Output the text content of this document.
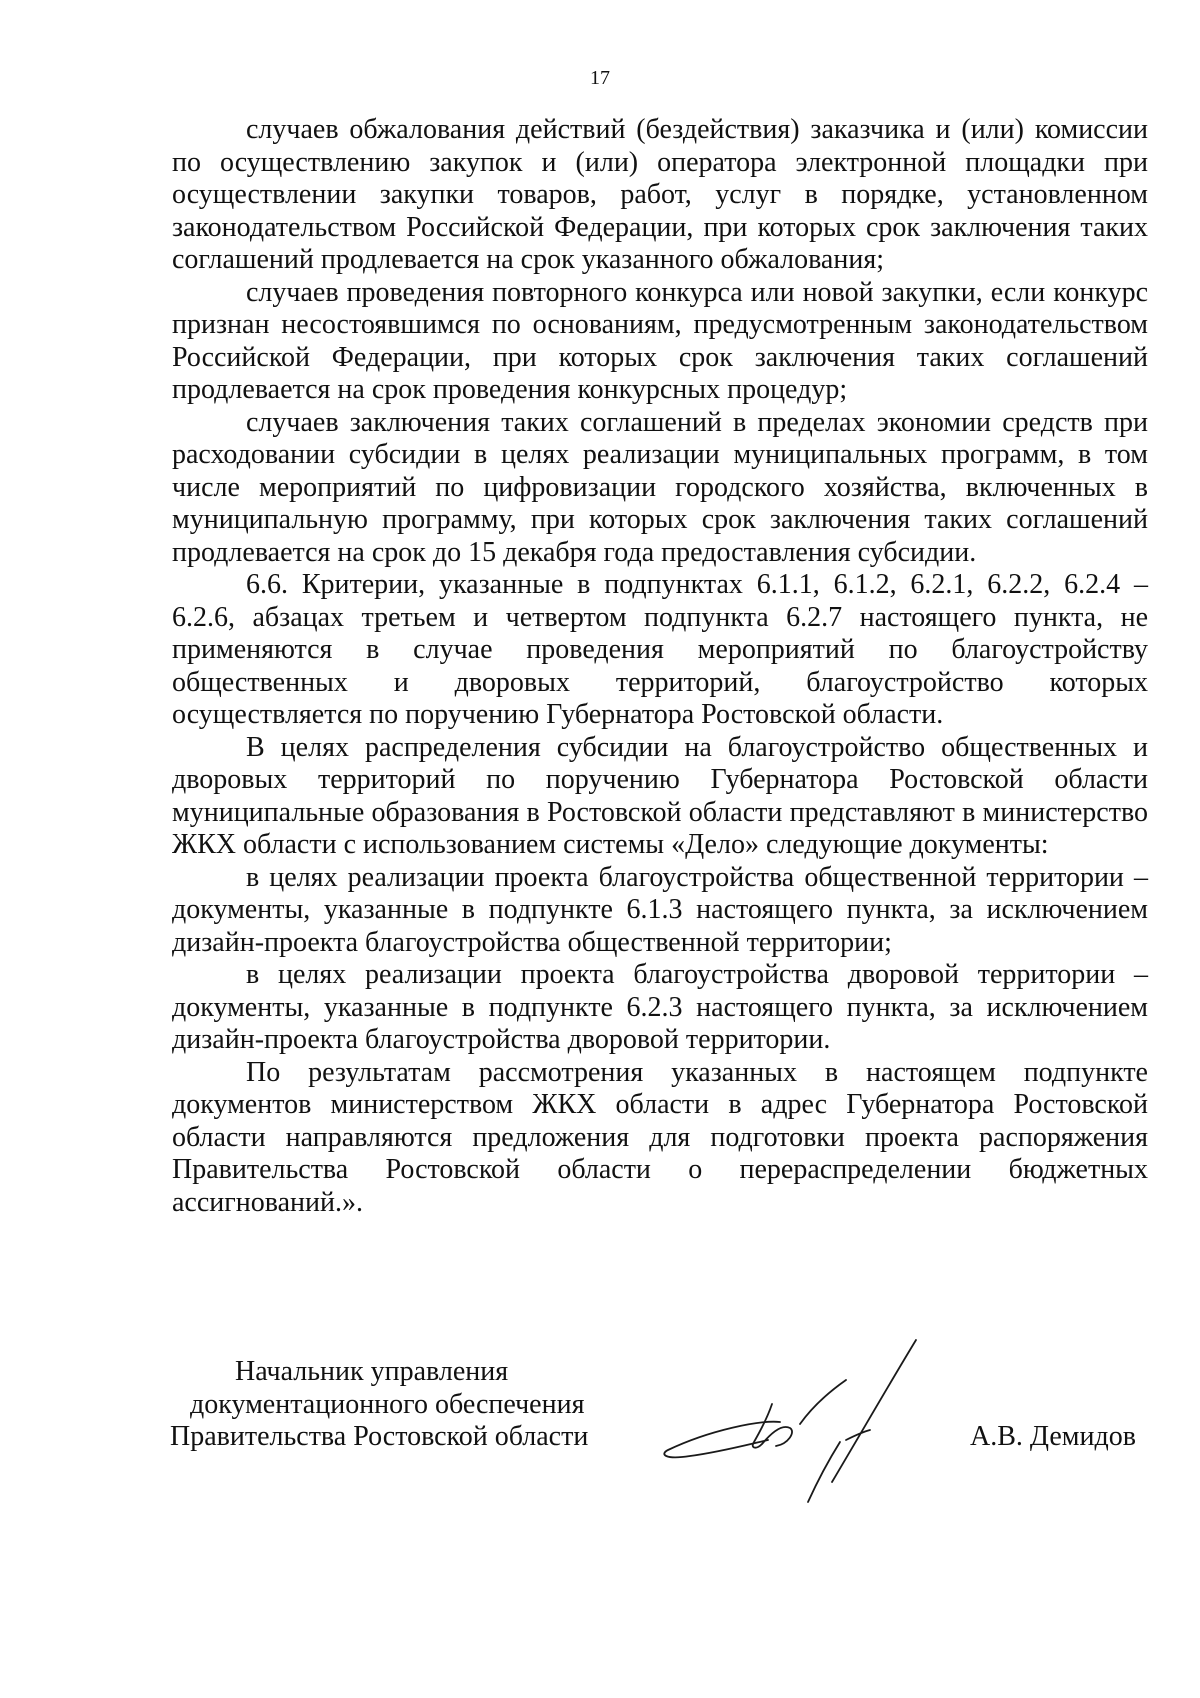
17

случаев обжалования действий (бездействия) заказчика и (или) комиссии по осуществлению закупок и (или) оператора электронной площадки при осуществлении закупки товаров, работ, услуг в порядке, установленном законодательством Российской Федерации, при которых срок заключения таких соглашений продлевается на срок указанного обжалования;

случаев проведения повторного конкурса или новой закупки, если конкурс признан несостоявшимся по основаниям, предусмотренным законодательством Российской Федерации, при которых срок заключения таких соглашений продлевается на срок проведения конкурсных процедур;

случаев заключения таких соглашений в пределах экономии средств при расходовании субсидии в целях реализации муниципальных программ, в том числе мероприятий по цифровизации городского хозяйства, включенных в муниципальную программу, при которых срок заключения таких соглашений продлевается на срок до 15 декабря года предоставления субсидии.

6.6. Критерии, указанные в подпунктах 6.1.1, 6.1.2, 6.2.1, 6.2.2, 6.2.4 – 6.2.6, абзацах третьем и четвертом подпункта 6.2.7 настоящего пункта, не применяются в случае проведения мероприятий по благоустройству общественных и дворовых территорий, благоустройство которых осуществляется по поручению Губернатора Ростовской области.

В целях распределения субсидии на благоустройство общественных и дворовых территорий по поручению Губернатора Ростовской области муниципальные образования в Ростовской области представляют в министерство ЖКХ области с использованием системы «Дело» следующие документы:

в целях реализации проекта благоустройства общественной территории – документы, указанные в подпункте 6.1.3 настоящего пункта, за исключением дизайн-проекта благоустройства общественной территории;

в целях реализации проекта благоустройства дворовой территории – документы, указанные в подпункте 6.2.3 настоящего пункта, за исключением дизайн-проекта благоустройства дворовой территории.

По результатам рассмотрения указанных в настоящем подпункте документов министерством ЖКХ области в адрес Губернатора Ростовской области направляются предложения для подготовки проекта распоряжения Правительства Ростовской области о перераспределении бюджетных ассигнований.».

Начальник управления
документационного обеспечения
Правительства Ростовской области	А.В. Демидов
